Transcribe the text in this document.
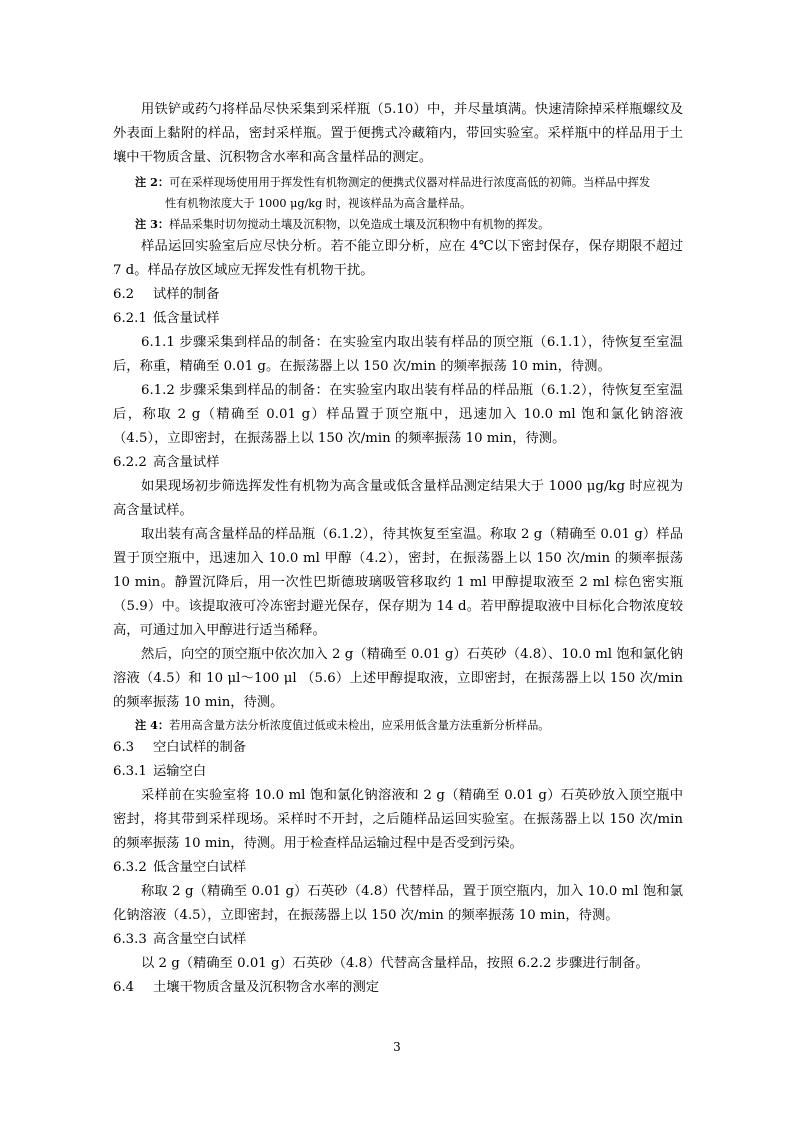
用铁铲或药勺将样品尽快采集到采样瓶（5.10）中，并尽量填满。快速清除掉采样瓶螺纹及外表面上黏附的样品，密封采样瓶。置于便携式冷藏箱内，带回实验室。采样瓶中的样品用于土壤中干物质含量、沉积物含水率和高含量样品的测定。

注 2：可在采样现场使用用于挥发性有机物测定的便携式仪器对样品进行浓度高低的初筛。当样品中挥发

性有机物浓度大于 1000 μg/kg 时，视该样品为高含量样品。

注 3：样品采集时切勿搅动土壤及沉积物，以免造成土壤及沉积物中有机物的挥发。

样品运回实验室后应尽快分析。若不能立即分析，应在 4℃以下密封保存，保存期限不超过 7 d。样品存放区域应无挥发性有机物干扰。

6.2 试样的制备

6.2.1 低含量试样

6.1.1 步骤采集到样品的制备：在实验室内取出装有样品的顶空瓶（6.1.1），待恢复至室温后，称重，精确至 0.01 g。在振荡器上以 150 次/min 的频率振荡 10 min，待测。

6.1.2 步骤采集到样品的制备：在实验室内取出装有样品的样品瓶（6.1.2），待恢复至室温后，称取 2 g（精确至 0.01 g）样品置于顶空瓶中，迅速加入 10.0 ml 饱和氯化钠溶液（4.5），立即密封，在振荡器上以 150 次/min 的频率振荡 10 min，待测。

6.2.2 高含量试样

如果现场初步筛选挥发性有机物为高含量或低含量样品测定结果大于 1000 μg/kg 时应视为高含量试样。

取出装有高含量样品的样品瓶（6.1.2），待其恢复至室温。称取 2 g（精确至 0.01 g）样品置于顶空瓶中，迅速加入 10.0 ml 甲醇（4.2），密封，在振荡器上以 150 次/min 的频率振荡 10 min。静置沉降后，用一次性巴斯德玻璃吸管移取约 1 ml 甲醇提取液至 2 ml 棕色密实瓶（5.9）中。该提取液可冷冻密封避光保存，保存期为 14 d。若甲醇提取液中目标化合物浓度较高，可通过加入甲醇进行适当稀释。

然后，向空的顶空瓶中依次加入 2 g（精确至 0.01 g）石英砂（4.8）、10.0 ml 饱和氯化钠溶液（4.5）和 10 μl～100 μl （5.6）上述甲醇提取液，立即密封，在振荡器上以 150 次/min 的频率振荡 10 min，待测。

注 4：若用高含量方法分析浓度值过低或未检出，应采用低含量方法重新分析样品。

6.3 空白试样的制备

6.3.1 运输空白

采样前在实验室将 10.0 ml 饱和氯化钠溶液和 2 g（精确至 0.01 g）石英砂放入顶空瓶中密封，将其带到采样现场。采样时不开封，之后随样品运回实验室。在振荡器上以 150 次/min 的频率振荡 10 min，待测。用于检查样品运输过程中是否受到污染。

6.3.2 低含量空白试样

称取 2 g（精确至 0.01 g）石英砂（4.8）代替样品，置于顶空瓶内，加入 10.0 ml 饱和氯化钠溶液（4.5），立即密封，在振荡器上以 150 次/min 的频率振荡 10 min，待测。

6.3.3 高含量空白试样

以 2 g（精确至 0.01 g）石英砂（4.8）代替高含量样品，按照 6.2.2 步骤进行制备。

6.4 土壤干物质含量及沉积物含水率的测定

3
